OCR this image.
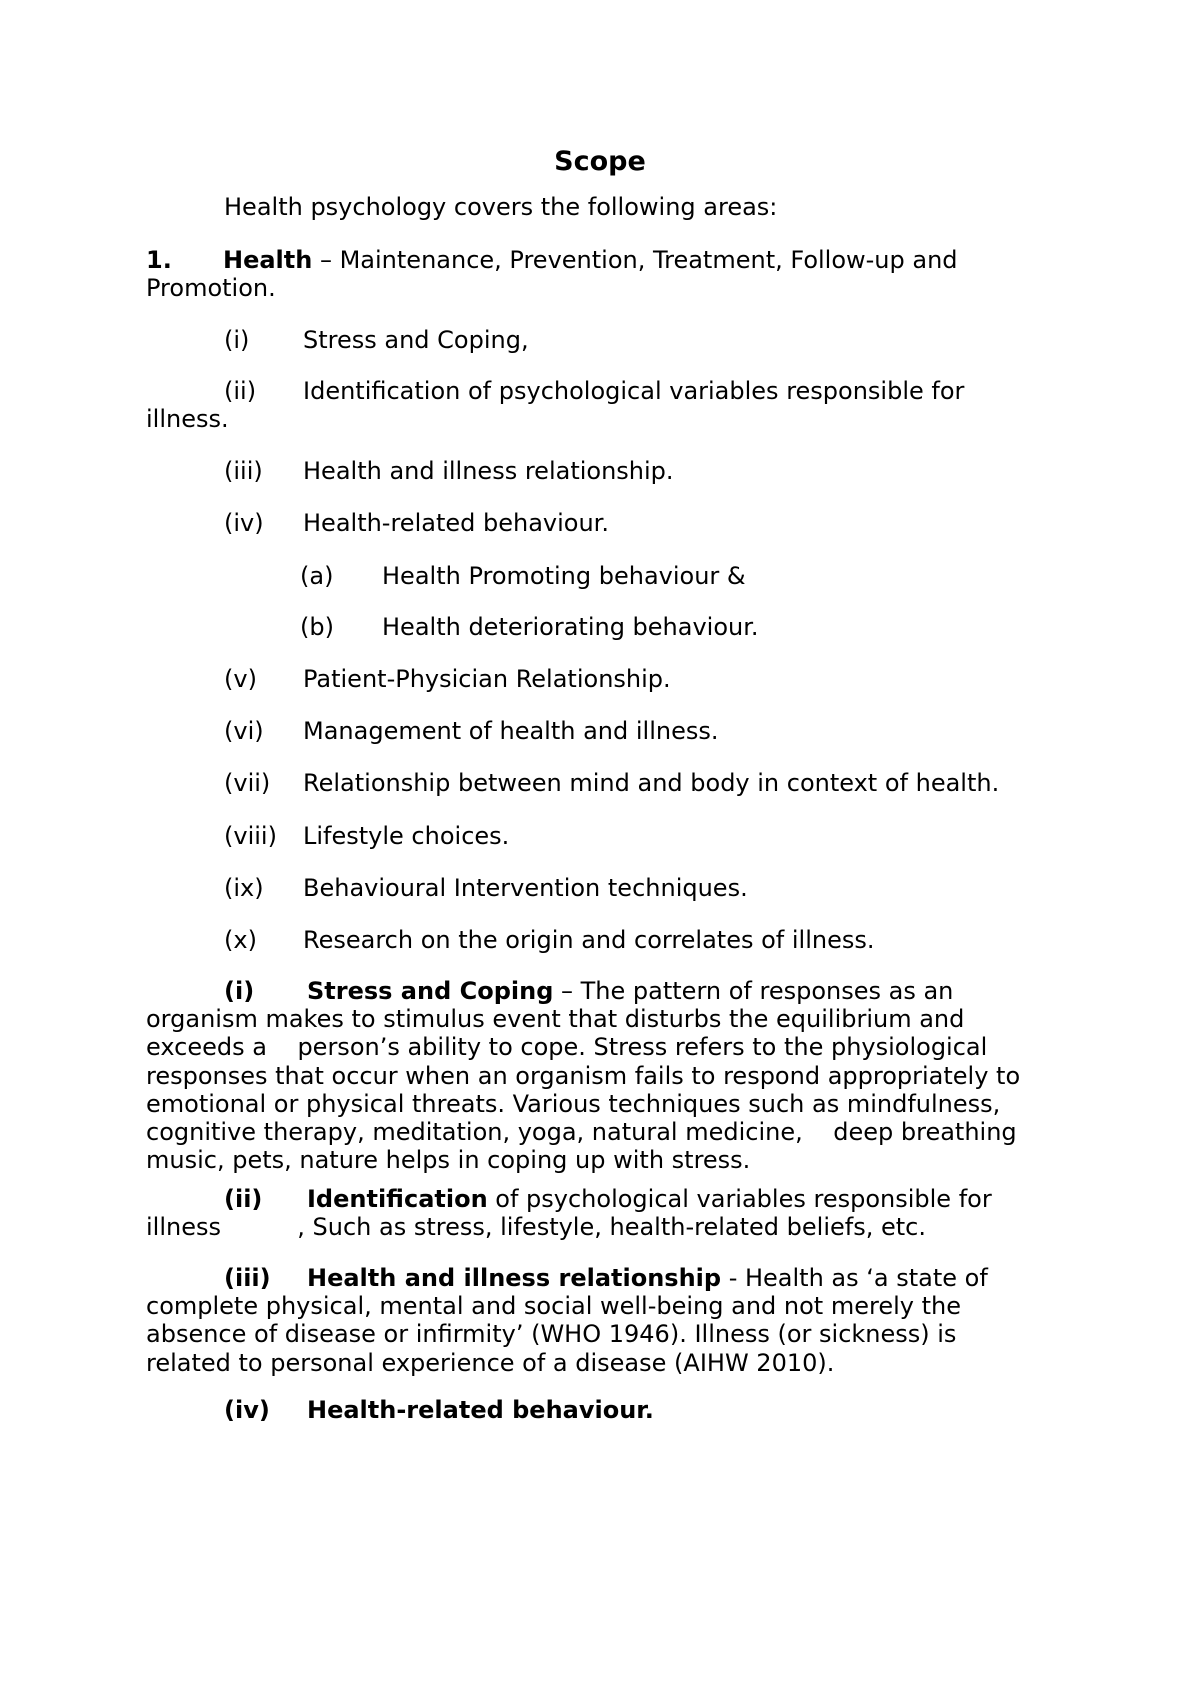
Scope
Health psychology covers the following areas:
1. Health – Maintenance, Prevention, Treatment, Follow-up and
Promotion.
(i) Stress and Coping,
(ii) Identification of psychological variables responsible for
illness.
(iii) Health and illness relationship.
(iv) Health-related behaviour.
(a) Health Promoting behaviour &
(b) Health deteriorating behaviour.
(v) Patient-Physician Relationship.
(vi) Management of health and illness.
(vii) Relationship between mind and body in context of health.
(viii) Lifestyle choices.
(ix) Behavioural Intervention techniques.
(x) Research on the origin and correlates of illness.
(i) Stress and Coping – The pattern of responses as an
organism makes to stimulus event that disturbs the equilibrium and
exceeds a    person’s ability to cope. Stress refers to the physiological
responses that occur when an organism fails to respond appropriately to
emotional or physical threats. Various techniques such as mindfulness,
cognitive therapy, meditation, yoga, natural medicine,    deep breathing
music, pets, nature helps in coping up with stress.
(ii) Identification of psychological variables responsible for
illness          , Such as stress, lifestyle, health-related beliefs, etc.
(iii) Health and illness relationship - Health as ‘a state of
complete physical, mental and social well-being and not merely the
absence of disease or infirmity’ (WHO 1946). Illness (or sickness) is
related to personal experience of a disease (AIHW 2010).
(iv) Health-related behaviour.
